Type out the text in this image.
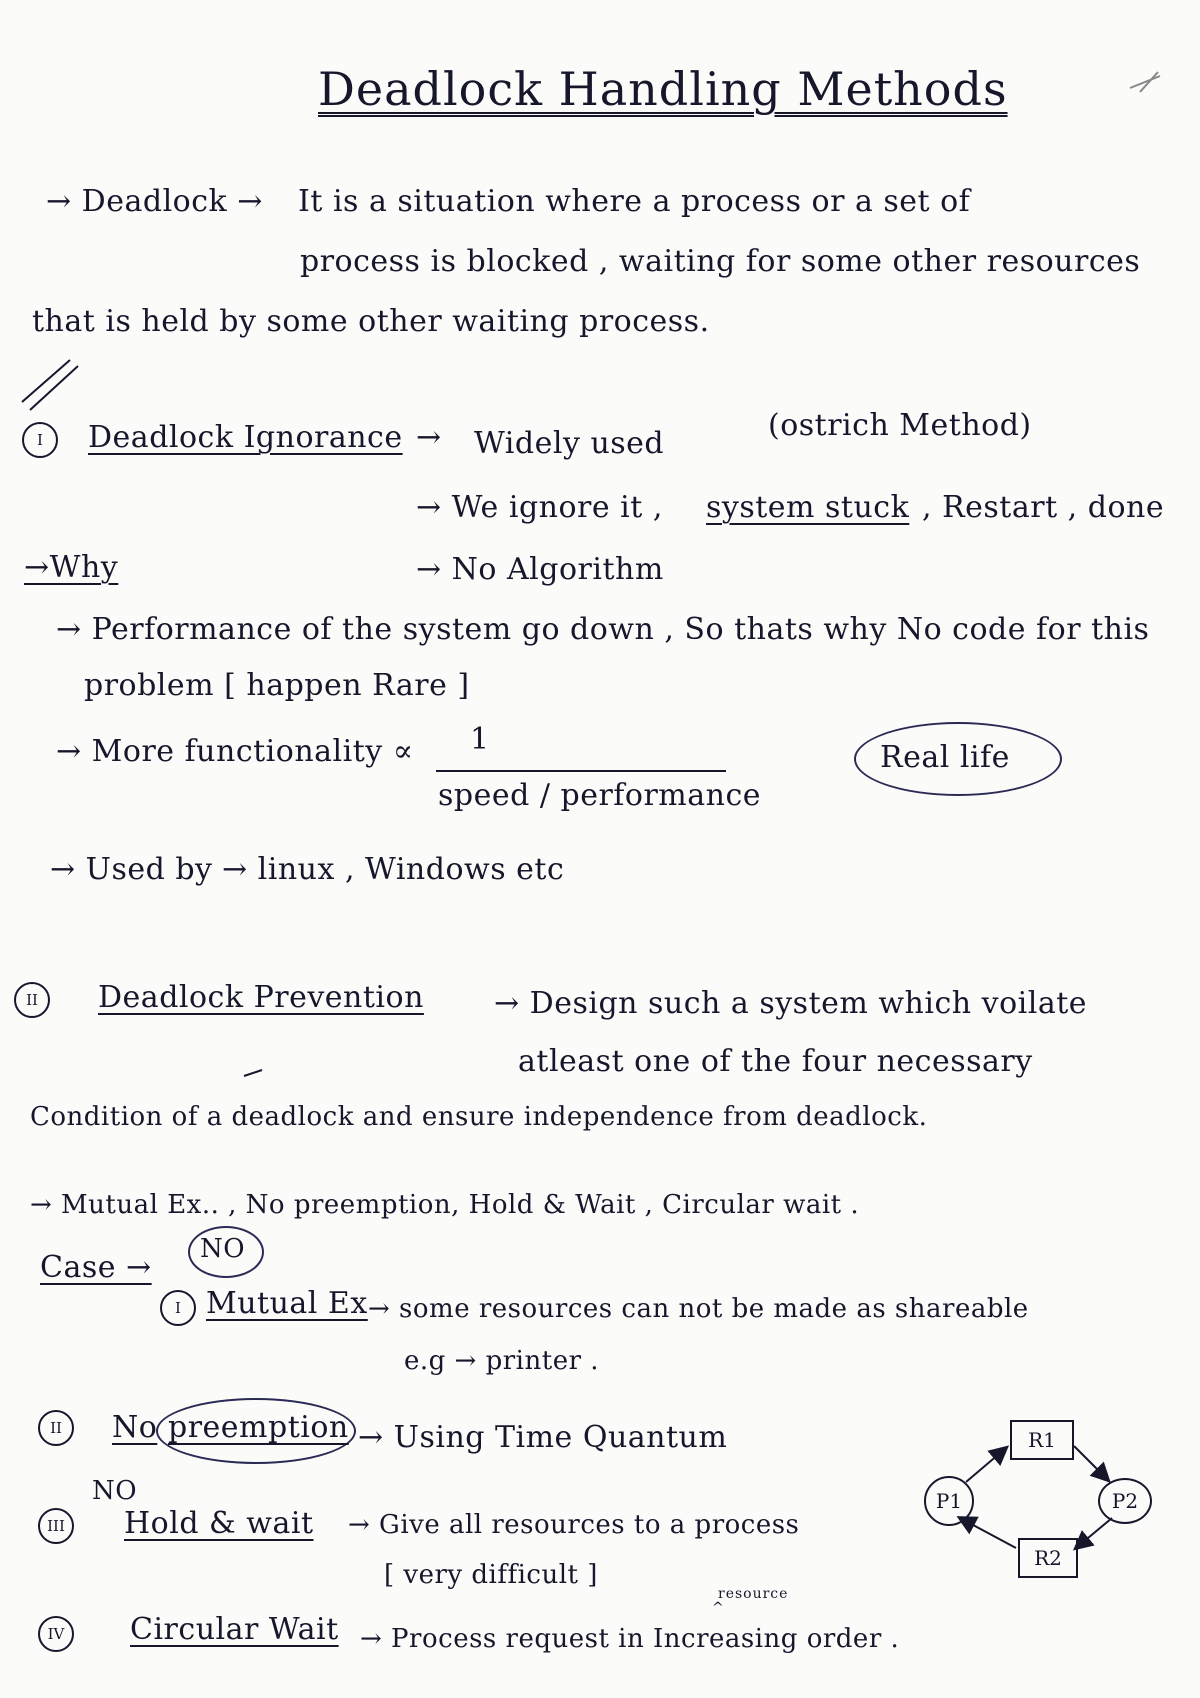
Deadlock Handling Methods
→ Deadlock → It is a situation where a process or a set of
process is blocked , waiting for some other resources
that is held by some other waiting process.
I	Deadlock Ignorance → Widely used
(ostrich Method)
→ We ignore it , system stuck , Restart , done
→Why	→ No Algorithm
→ Performance of the system go down , So thats why No code for this
problem [ happen Rare ]
→ More functionality ∝ 1
speed / performance
Real life
→ Used by → linux , Windows etc
II	Deadlock Prevention → Design such a system which voilate
atleast one of the four necessary
Condition of a deadlock and ensure independence from deadlock.
→ Mutual Ex.. , No preemption, Hold & Wait , Circular wait .
Case →
NO
I Mutual Ex → some resources can not be made as shareable
e.g → printer .
II	No preemption → Using Time Quantum
NO
III	Hold & wait → Give all resources to a process
[ very difficult ]
IV	Circular Wait
resource
^
→ Process request in Increasing order .
P1
R1
P2
R2
